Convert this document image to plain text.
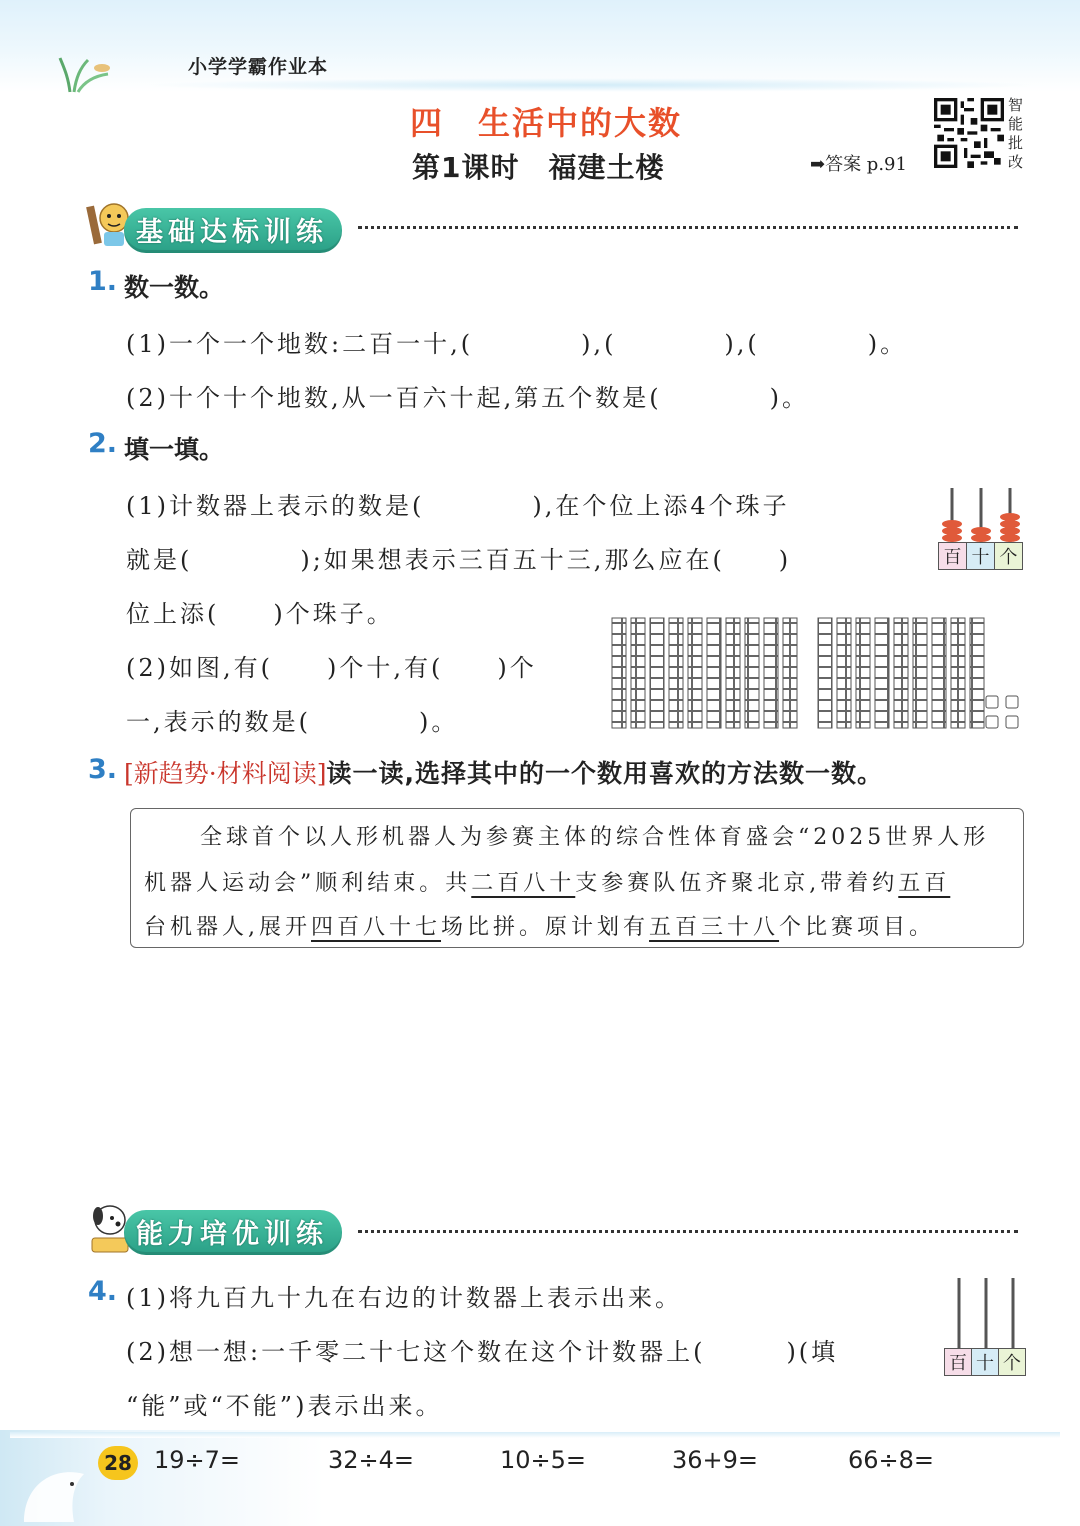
小学学霸作业本
四　生活中的大数
第1课时　福建土楼	➡答案 p.91
智能批改
基础达标训练
1. 数一数。
(1)一个一个地数:二百一十,(　　　　),(　　　　),(　　　　)。
(2)十个十个地数,从一百六十起,第五个数是(　　　　)。
2. 填一填。
(1)计数器上表示的数是(　　　　),在个位上添4个珠子
就是(　　　　);如果想表示三百五十三,那么应在(　　)
位上添(　　)个珠子。
(2)如图,有(　　)个十,有(　　)个
一,表示的数是(　　　　)。
百 十 个
3. [新趋势·材料阅读]读一读,选择其中的一个数用喜欢的方法数一数。
全球首个以人形机器人为参赛主体的综合性体育盛会“2025世界人形
机器人运动会”顺利结束。共二百八十支参赛队伍齐聚北京,带着约五百
台机器人,展开四百八十七场比拼。原计划有五百三十八个比赛项目。
能力培优训练
4. (1)将九百九十九在右边的计数器上表示出来。
(2)想一想:一千零二十七这个数在这个计数器上(　　　)(填
“能”或“不能”)表示出来。
百 十 个
28 19÷7=	32÷4=	10÷5=	36+9=	66÷8=
